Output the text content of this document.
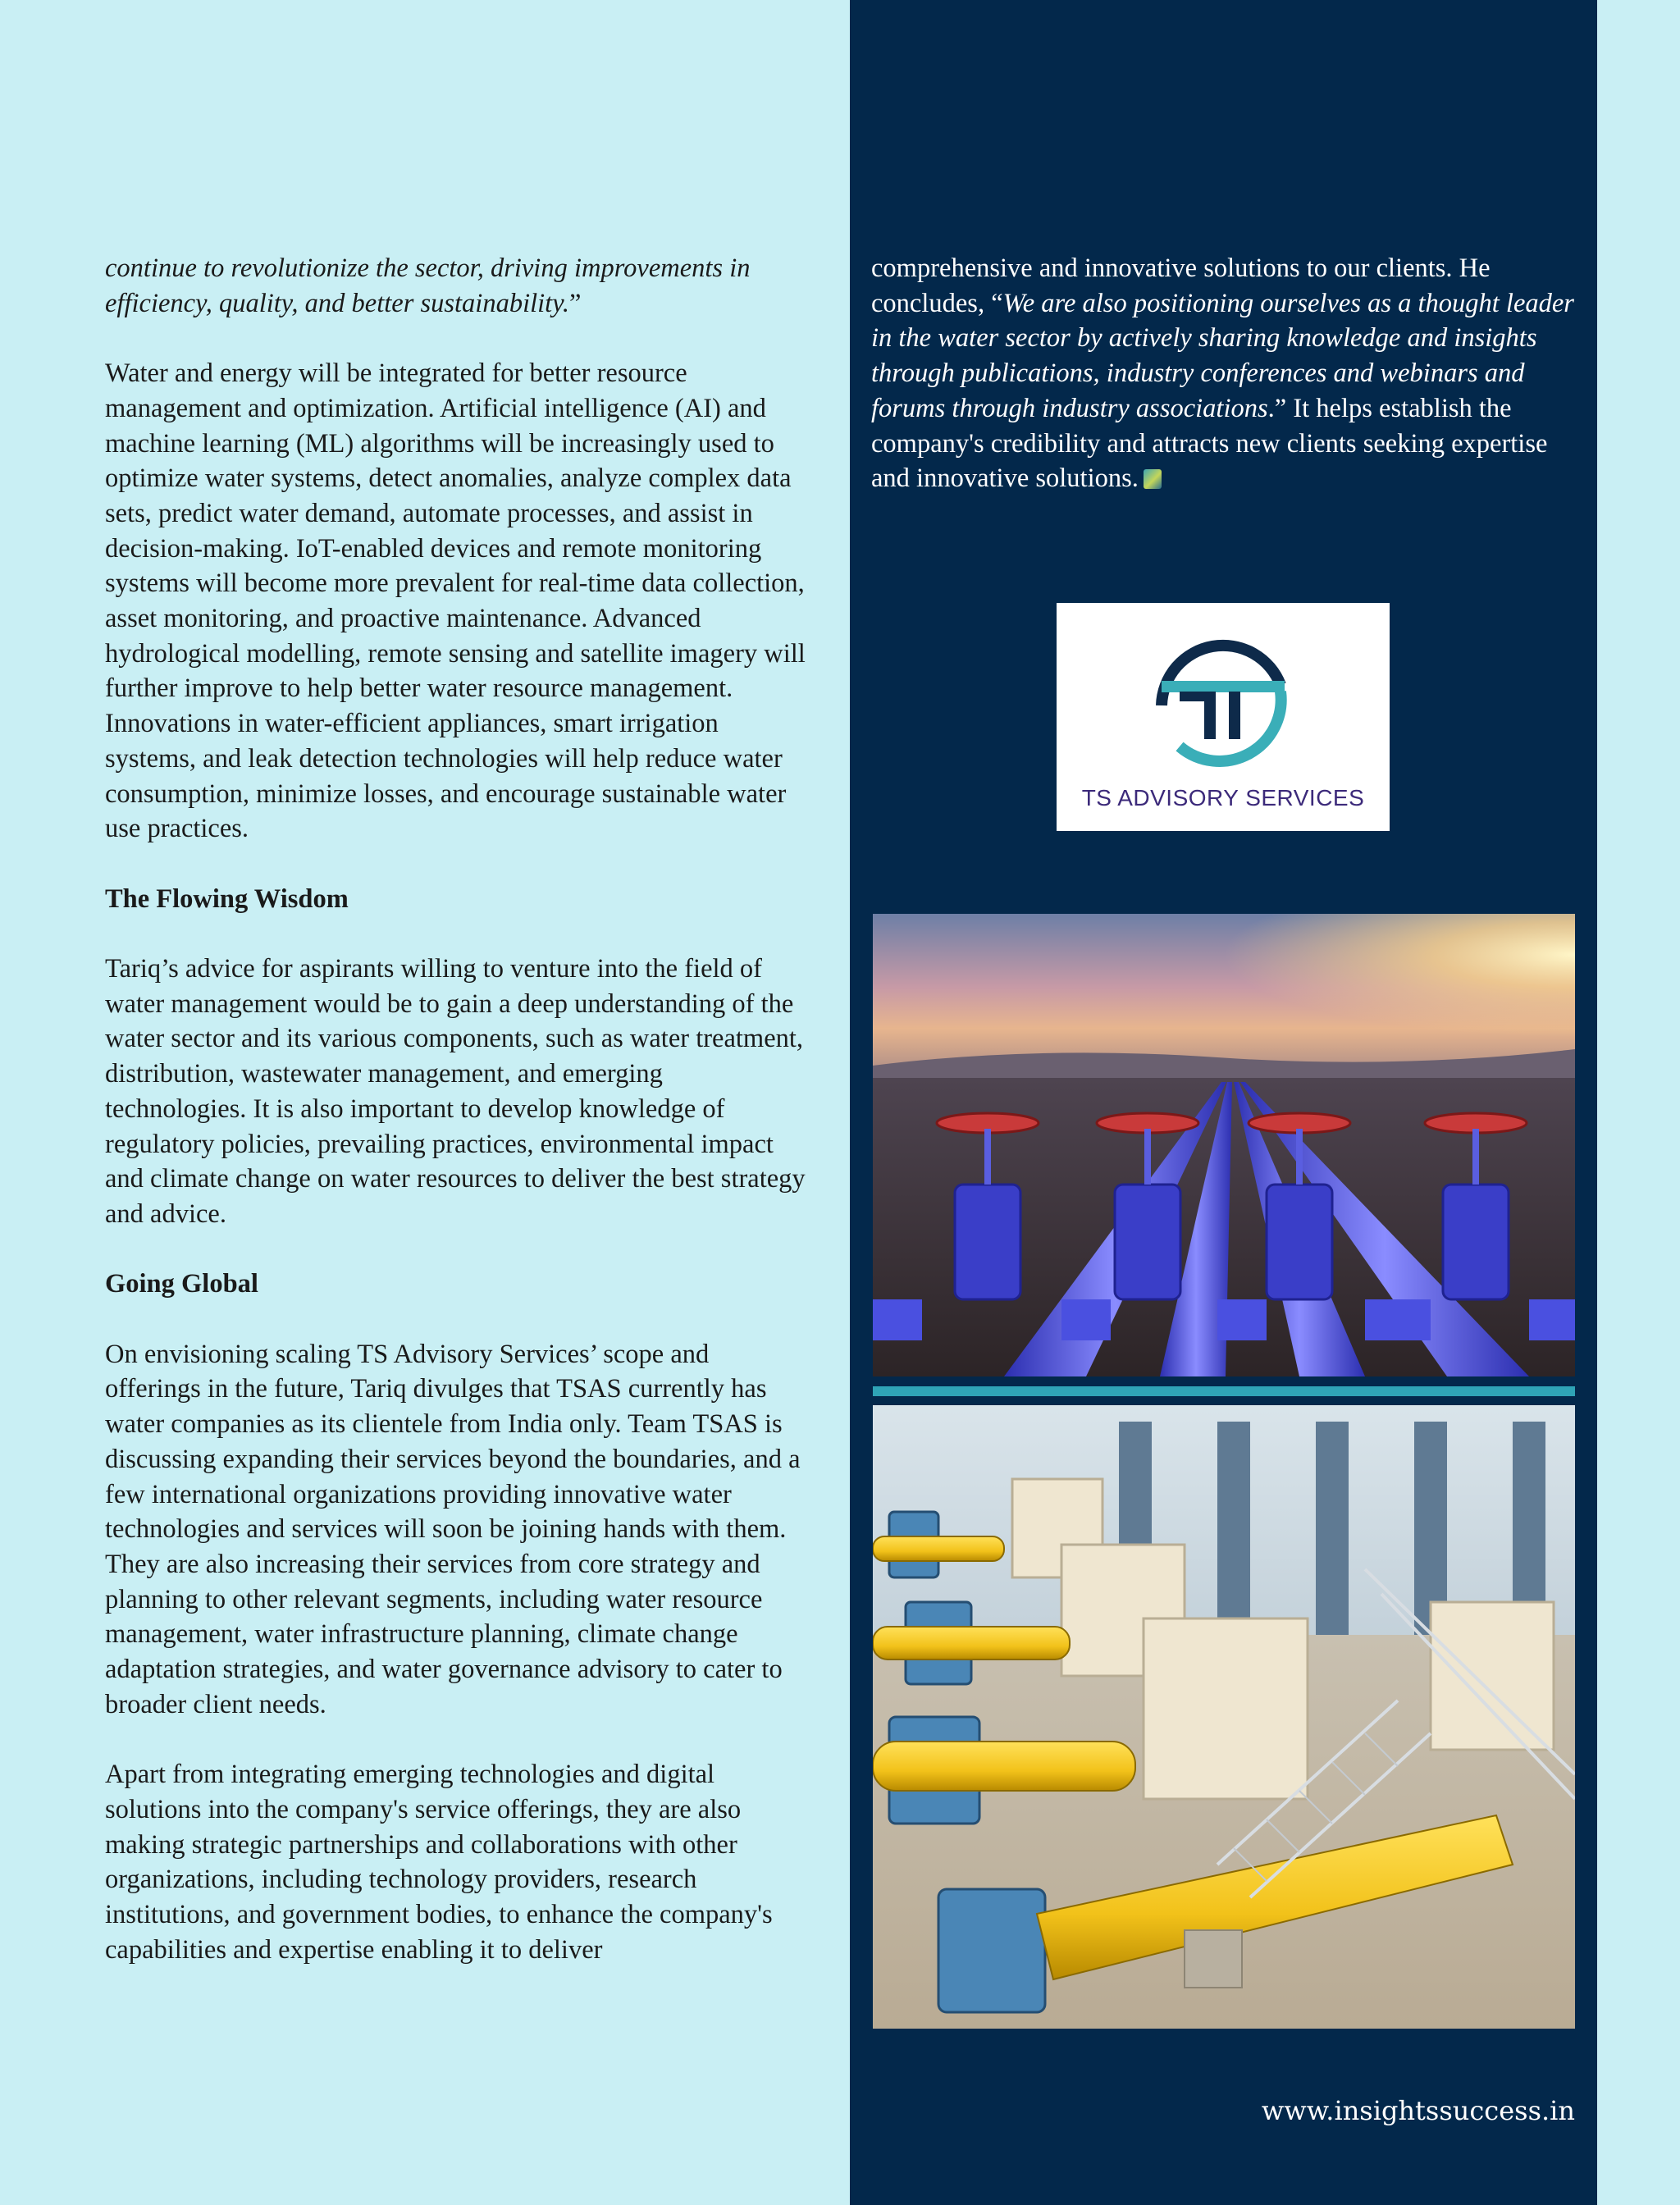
continue to revolutionize the sector, driving improvements in efficiency, quality, and better sustainability.”

Water and energy will be integrated for better resource management and optimization. Artificial intelligence (AI) and machine learning (ML) algorithms will be increasingly used to optimize water systems, detect anomalies, analyze complex data sets, predict water demand, automate processes, and assist in decision-making. IoT-enabled devices and remote monitoring systems will become more prevalent for real-time data collection, asset monitoring, and proactive maintenance. Advanced hydrological modelling, remote sensing and satellite imagery will further improve to help better water resource management. Innovations in water-efficient appliances, smart irrigation systems, and leak detection technologies will help reduce water consumption, minimize losses, and encourage sustainable water use practices.

The Flowing Wisdom

Tariq’s advice for aspirants willing to venture into the field of water management would be to gain a deep understanding of the water sector and its various components, such as water treatment, distribution, wastewater management, and emerging technologies. It is also important to develop knowledge of regulatory policies, prevailing practices, environmental impact and climate change on water resources to deliver the best strategy and advice.

Going Global

On envisioning scaling TS Advisory Services’ scope and offerings in the future, Tariq divulges that TSAS currently has water companies as its clientele from India only. Team TSAS is discussing expanding their services beyond the boundaries, and a few international organizations providing innovative water technologies and services will soon be joining hands with them. They are also increasing their services from core strategy and planning to other relevant segments, including water resource management, water infrastructure planning, climate change adaptation strategies, and water governance advisory to cater to broader client needs.

Apart from integrating emerging technologies and digital solutions into the company's service offerings, they are also making strategic partnerships and collaborations with other organizations, including technology providers, research institutions, and government bodies, to enhance the company's capabilities and expertise enabling it to deliver

comprehensive and innovative solutions to our clients. He concludes, “We are also positioning ourselves as a thought leader in the water sector by actively sharing knowledge and insights through publications, industry conferences and webinars and forums through industry associations.” It helps establish the company's credibility and attracts new clients seeking expertise and innovative solutions.

TS ADVISORY SERVICES
www.insightssuccess.in
